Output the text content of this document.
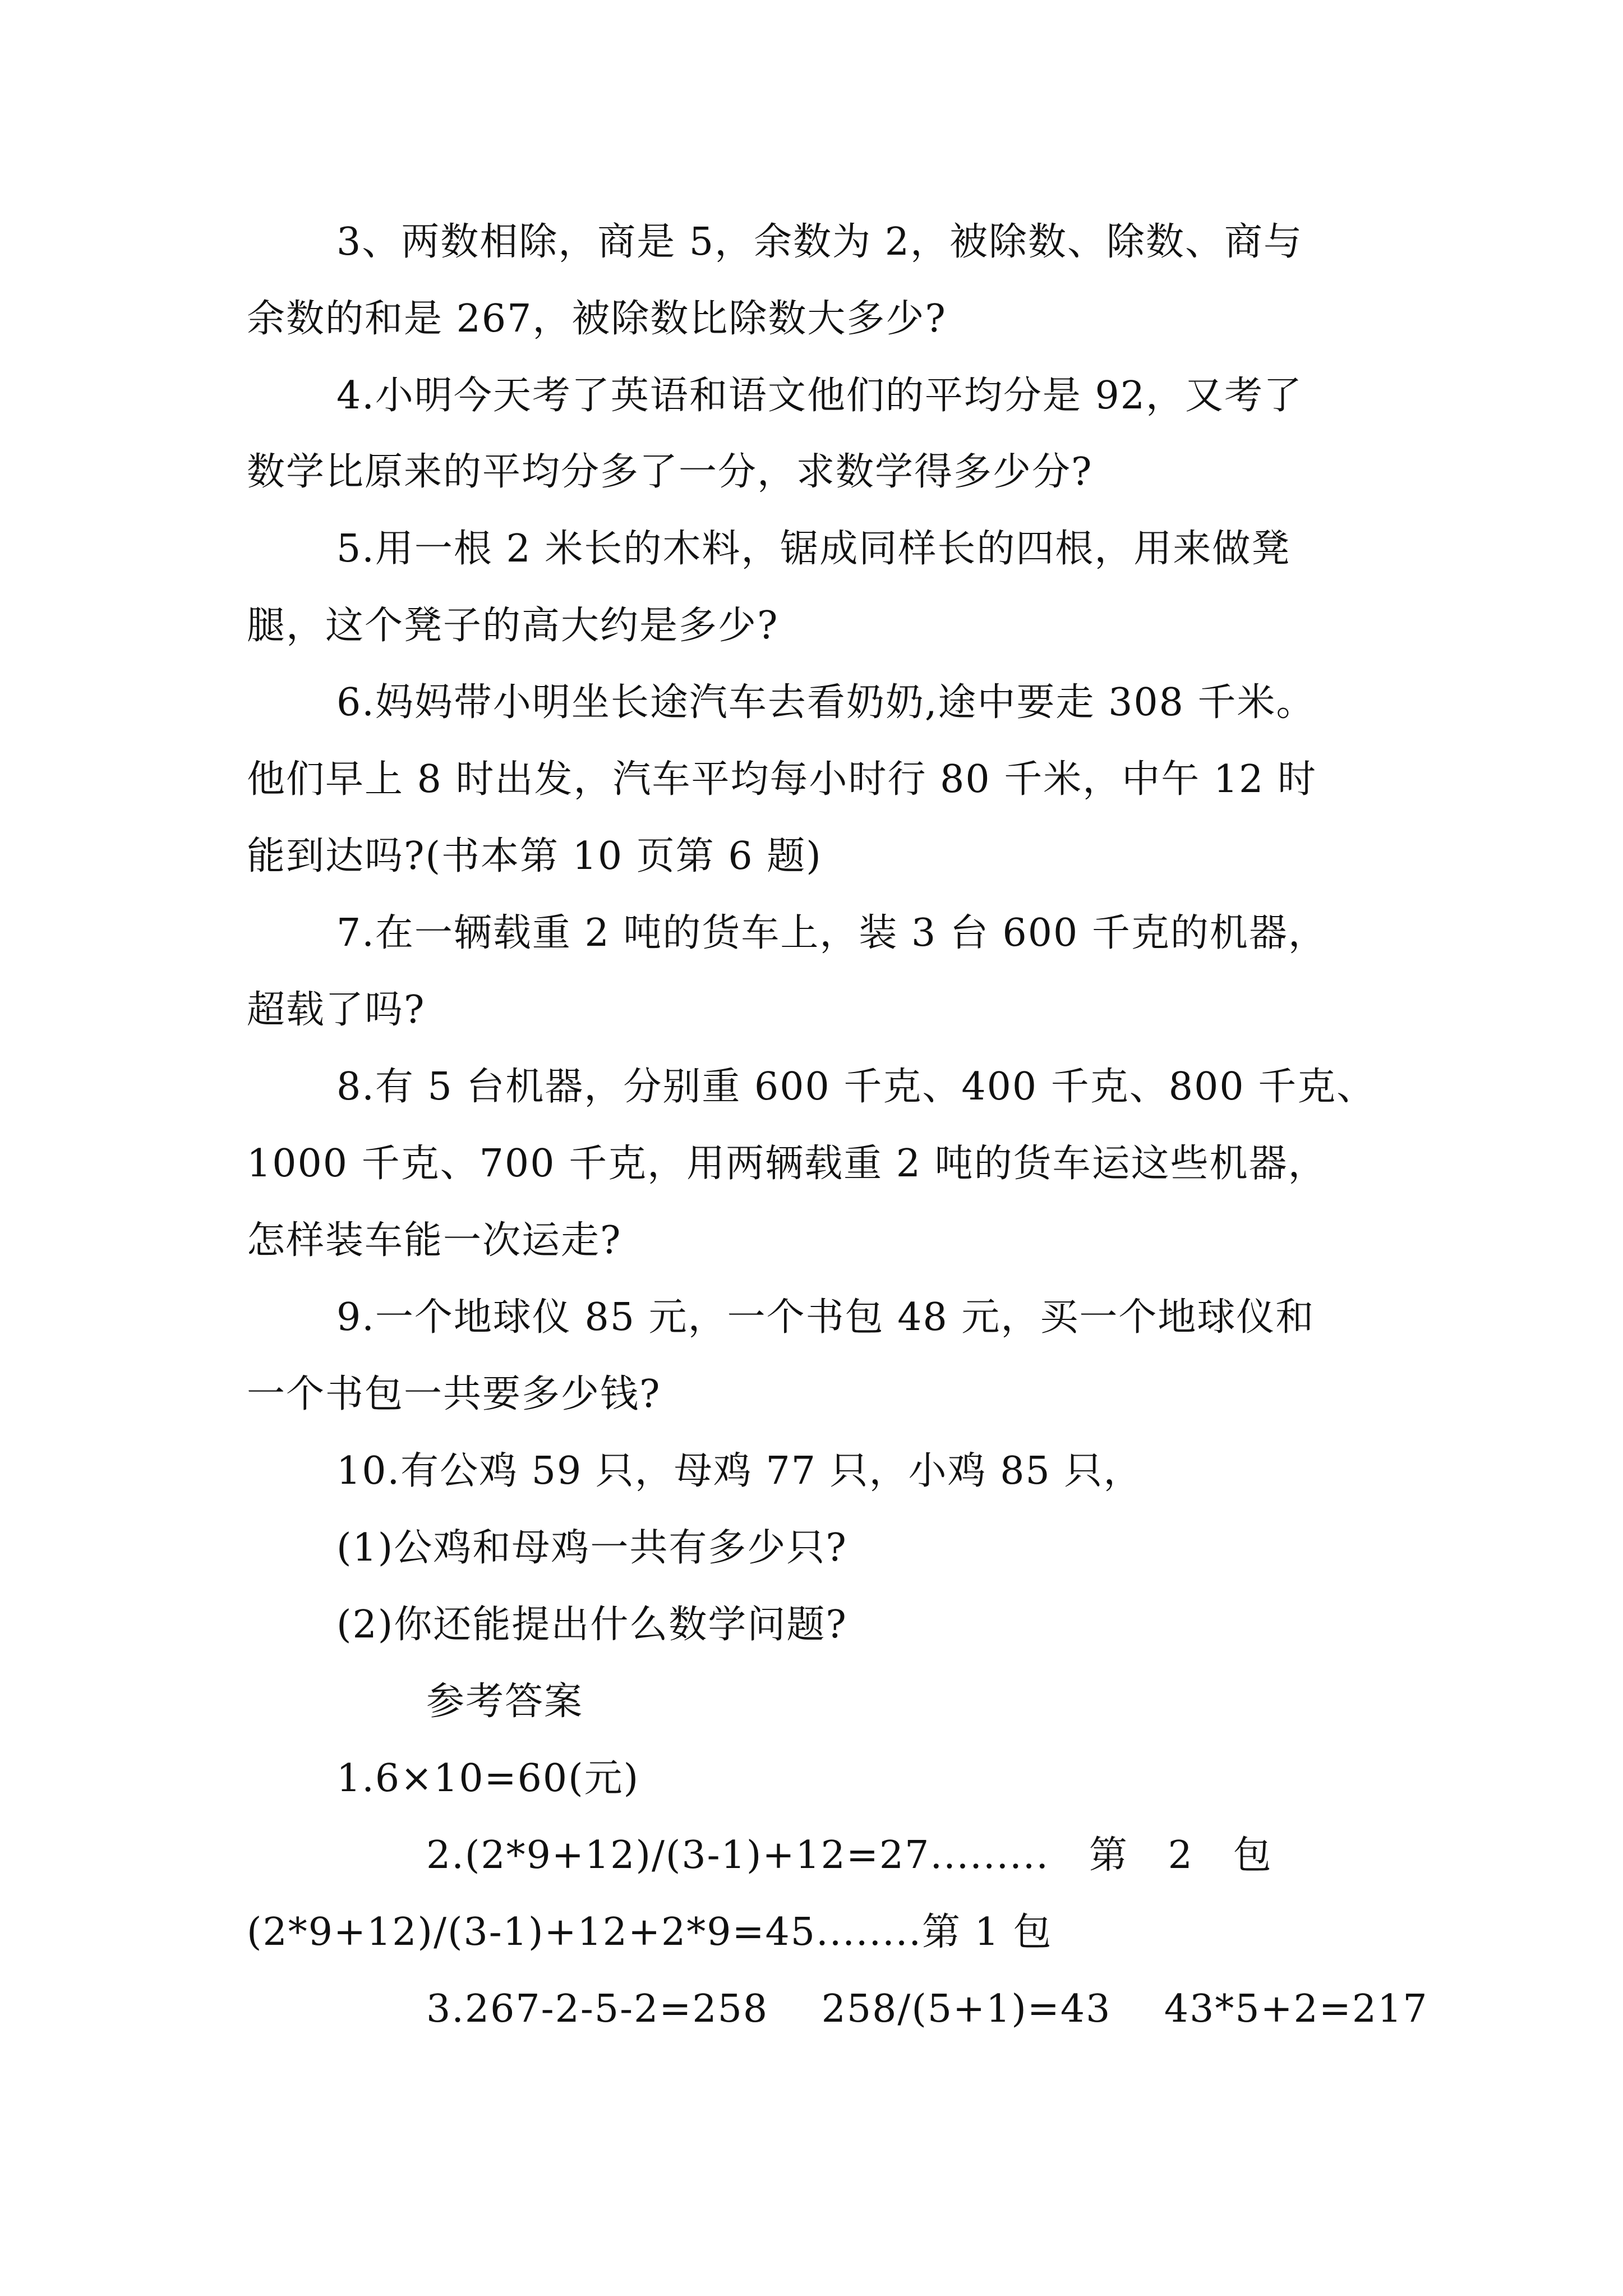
3、两数相除，商是 5，余数为 2，被除数、除数、商与
余数的和是 267，被除数比除数大多少?
4.小明今天考了英语和语文他们的平均分是 92，又考了
数学比原来的平均分多了一分，求数学得多少分?
5.用一根 2 米长的木料，锯成同样长的四根，用来做凳
腿，这个凳子的高大约是多少?
6.妈妈带小明坐长途汽车去看奶奶,途中要走 308 千米。
他们早上 8 时出发，汽车平均每小时行 80 千米，中午 12 时
能到达吗?(书本第 10 页第 6 题)
7.在一辆载重 2 吨的货车上，装 3 台 600 千克的机器，
超载了吗?
8.有 5 台机器，分别重 600 千克、400 千克、800 千克、
1000 千克、700 千克，用两辆载重 2 吨的货车运这些机器，
怎样装车能一次运走?
9.一个地球仪 85 元，一个书包 48 元，买一个地球仪和
一个书包一共要多少钱?
10.有公鸡 59 只，母鸡 77 只，小鸡 85 只，
(1)公鸡和母鸡一共有多少只?
(2)你还能提出什么数学问题?
参考答案
1.6×10=60(元)
2.(2*9+12)/(3-1)+12=27.........   第   2   包
(2*9+12)/(3-1)+12+2*9=45........第 1 包
3.267-2-5-2=258    258/(5+1)=43    43*5+2=217
